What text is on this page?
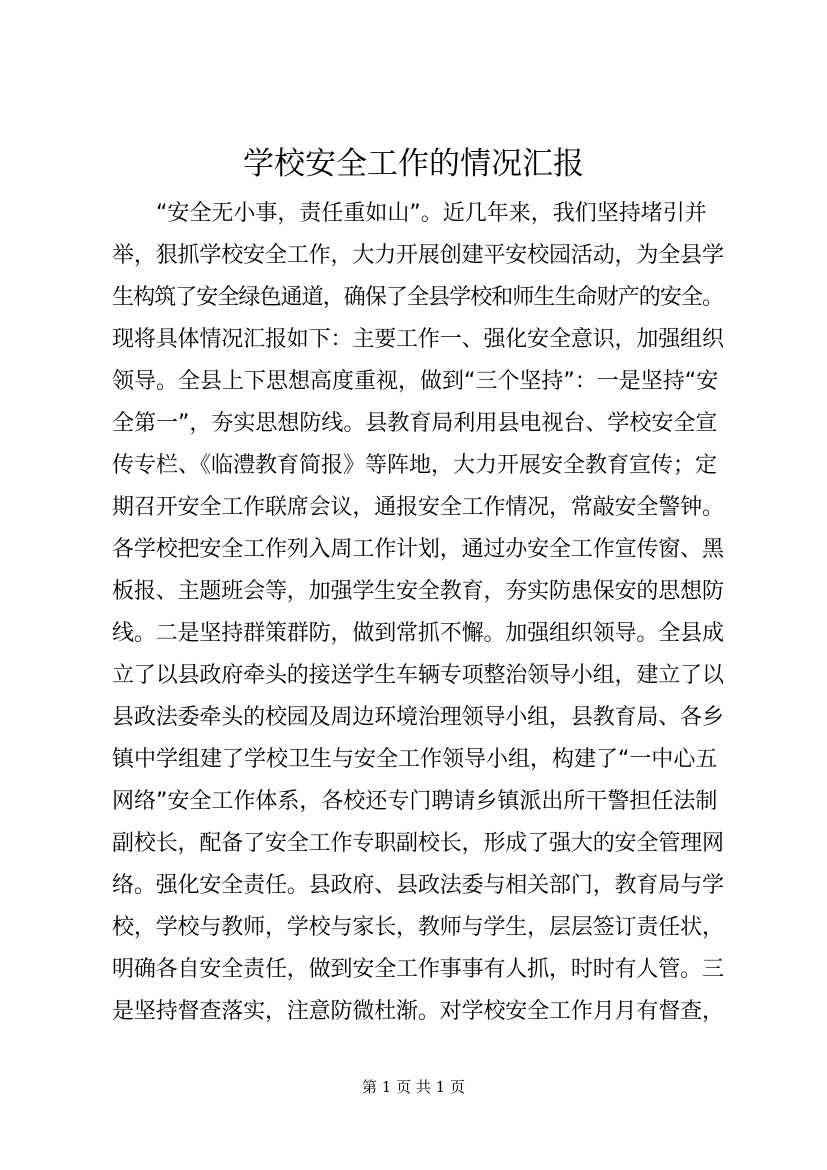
学校安全工作的情况汇报
“安全无小事，责任重如山”。近几年来，我们坚持堵引并
举，狠抓学校安全工作，大力开展创建平安校园活动，为全县学
生构筑了安全绿色通道，确保了全县学校和师生生命财产的安全。
现将具体情况汇报如下：主要工作一、强化安全意识，加强组织
领导。全县上下思想高度重视，做到“三个坚持”：一是坚持“安
全第一”，夯实思想防线。县教育局利用县电视台、学校安全宣
传专栏、《临澧教育简报》等阵地，大力开展安全教育宣传；定
期召开安全工作联席会议，通报安全工作情况，常敲安全警钟。
各学校把安全工作列入周工作计划，通过办安全工作宣传窗、黑
板报、主题班会等，加强学生安全教育，夯实防患保安的思想防
线。二是坚持群策群防，做到常抓不懈。加强组织领导。全县成
立了以县政府牵头的接送学生车辆专项整治领导小组，建立了以
县政法委牵头的校园及周边环境治理领导小组，县教育局、各乡
镇中学组建了学校卫生与安全工作领导小组，构建了“一中心五
网络”安全工作体系，各校还专门聘请乡镇派出所干警担任法制
副校长，配备了安全工作专职副校长，形成了强大的安全管理网
络。强化安全责任。县政府、县政法委与相关部门，教育局与学
校，学校与教师，学校与家长，教师与学生，层层签订责任状，
明确各自安全责任，做到安全工作事事有人抓，时时有人管。三
是坚持督查落实，注意防微杜渐。对学校安全工作月月有督查，
第 1 页 共 1 页
